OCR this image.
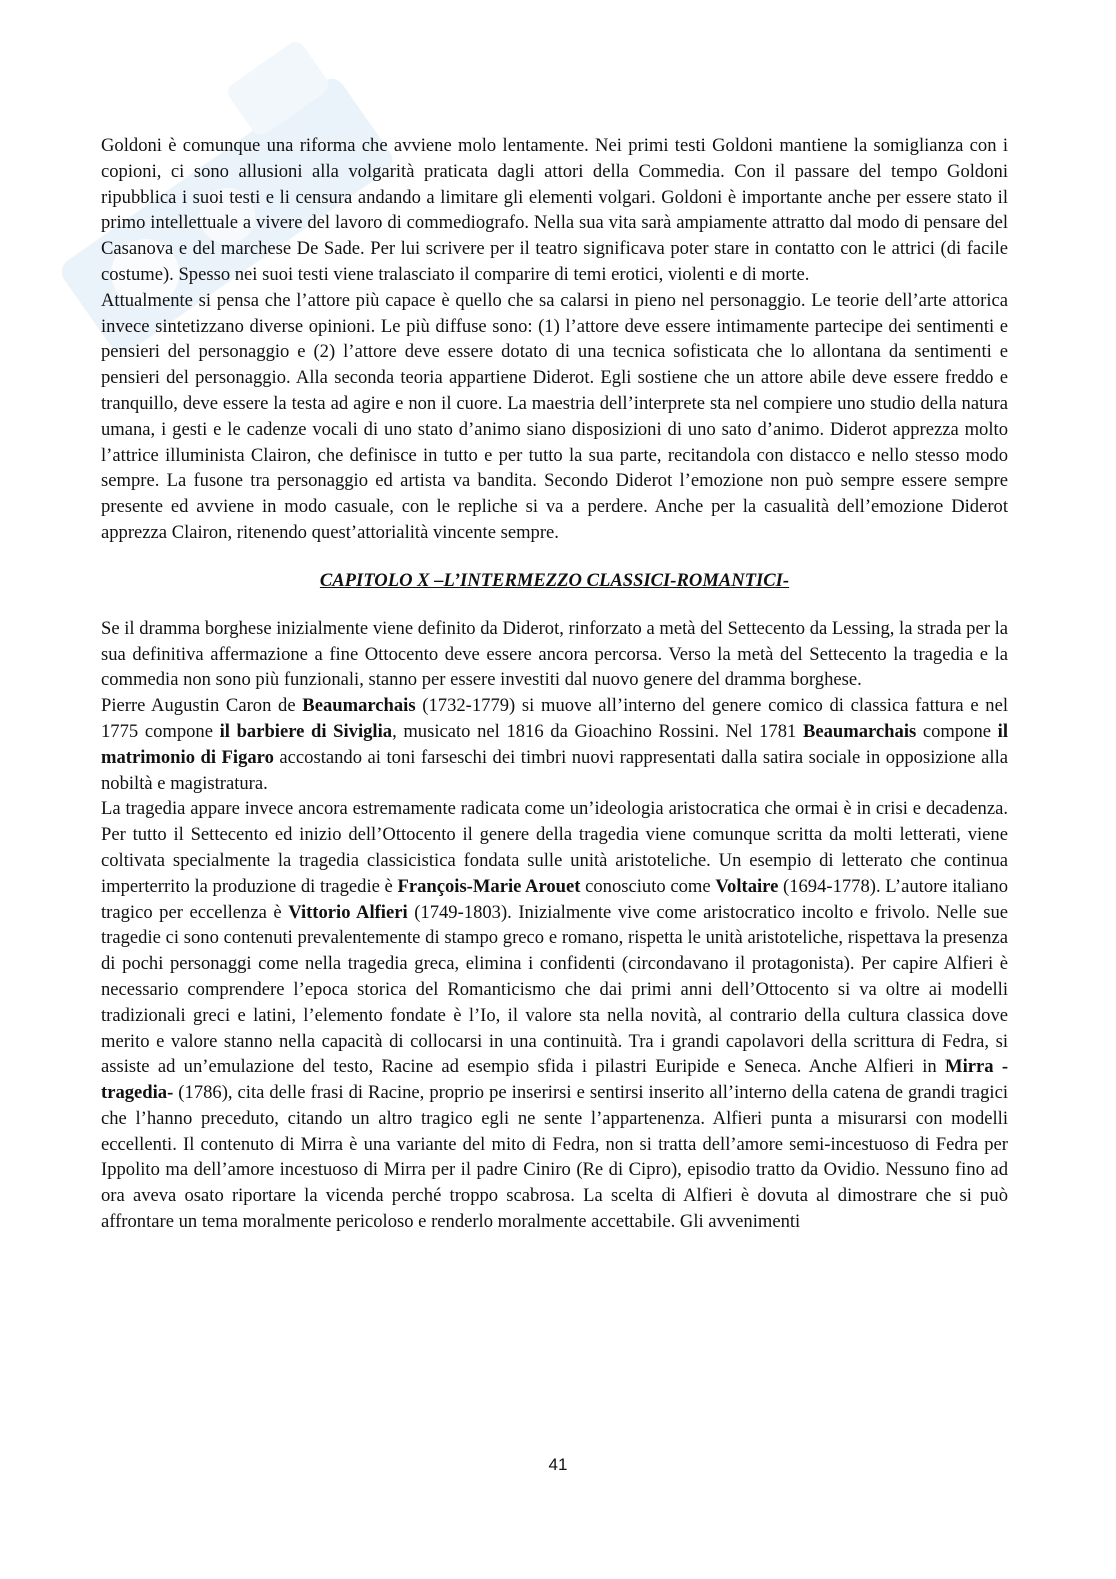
Goldoni è comunque una riforma che avviene molo lentamente. Nei primi testi Goldoni mantiene la somiglianza con i copioni, ci sono allusioni alla volgarità praticata dagli attori della Commedia. Con il passare del tempo Goldoni ripubblica i suoi testi e li censura andando a limitare gli elementi volgari. Goldoni è importante anche per essere stato il primo intellettuale a vivere del lavoro di commediografo. Nella sua vita sarà ampiamente attratto dal modo di pensare del Casanova e del marchese De Sade. Per lui scrivere per il teatro significava poter stare in contatto con le attrici (di facile costume). Spesso nei suoi testi viene tralasciato il comparire di temi erotici, violenti e di morte.

Attualmente si pensa che l’attore più capace è quello che sa calarsi in pieno nel personaggio. Le teorie dell’arte attorica invece sintetizzano diverse opinioni. Le più diffuse sono: (1) l’attore deve essere intimamente partecipe dei sentimenti e pensieri del personaggio e (2) l’attore deve essere dotato di una tecnica sofisticata che lo allontana da sentimenti e pensieri del personaggio. Alla seconda teoria appartiene Diderot. Egli sostiene che un attore abile deve essere freddo e tranquillo, deve essere la testa ad agire e non il cuore. La maestria dell’interprete sta nel compiere uno studio della natura umana, i gesti e le cadenze vocali di uno stato d’animo siano disposizioni di uno sato d’animo. Diderot apprezza molto l’attrice illuminista Clairon, che definisce in tutto e per tutto la sua parte, recitandola con distacco e nello stesso modo sempre. La fusone tra personaggio ed artista va bandita. Secondo Diderot l’emozione non può sempre essere sempre presente ed avviene in modo casuale, con le repliche si va a perdere. Anche per la casualità dell’emozione Diderot apprezza Clairon, ritenendo quest’attorialità vincente sempre.

CAPITOLO X –L’INTERMEZZO CLASSICI-ROMANTICI-

Se il dramma borghese inizialmente viene definito da Diderot, rinforzato a metà del Settecento da Lessing, la strada per la sua definitiva affermazione a fine Ottocento deve essere ancora percorsa. Verso la metà del Settecento la tragedia e la commedia non sono più funzionali, stanno per essere investiti dal nuovo genere del dramma borghese.

Pierre Augustin Caron de Beaumarchais (1732-1779) si muove all’interno del genere comico di classica fattura e nel 1775 compone il barbiere di Siviglia, musicato nel 1816 da Gioachino Rossini. Nel 1781 Beaumarchais compone il matrimonio di Figaro accostando ai toni farseschi dei timbri nuovi rappresentati dalla satira sociale in opposizione alla nobiltà e magistratura.

La tragedia appare invece ancora estremamente radicata come un’ideologia aristocratica che ormai è in crisi e decadenza. Per tutto il Settecento ed inizio dell’Ottocento il genere della tragedia viene comunque scritta da molti letterati, viene coltivata specialmente la tragedia classicistica fondata sulle unità aristoteliche. Un esempio di letterato che continua imperterrito la produzione di tragedie è François-Marie Arouet conosciuto come Voltaire (1694-1778). L’autore italiano tragico per eccellenza è Vittorio Alfieri (1749-1803). Inizialmente vive come aristocratico incolto e frivolo. Nelle sue tragedie ci sono contenuti prevalentemente di stampo greco e romano, rispetta le unità aristoteliche, rispettava la presenza di pochi personaggi come nella tragedia greca, elimina i confidenti (circondavano il protagonista). Per capire Alfieri è necessario comprendere l’epoca storica del Romanticismo che dai primi anni dell’Ottocento si va oltre ai modelli tradizionali greci e latini, l’elemento fondate è l’Io, il valore sta nella novità, al contrario della cultura classica dove merito e valore stanno nella capacità di collocarsi in una continuità. Tra i grandi capolavori della scrittura di Fedra, si assiste ad un’emulazione del testo, Racine ad esempio sfida i pilastri Euripide e Seneca. Anche Alfieri in Mirra -tragedia- (1786), cita delle frasi di Racine, proprio pe inserirsi e sentirsi inserito all’interno della catena de grandi tragici che l’hanno preceduto, citando un altro tragico egli ne sente l’appartenenza. Alfieri punta a misurarsi con modelli eccellenti. Il contenuto di Mirra è una variante del mito di Fedra, non si tratta dell’amore semi-incestuoso di Fedra per Ippolito ma dell’amore incestuoso di Mirra per il padre Ciniro (Re di Cipro), episodio tratto da Ovidio. Nessuno fino ad ora aveva osato riportare la vicenda perché troppo scabrosa. La scelta di Alfieri è dovuta al dimostrare che si può affrontare un tema moralmente pericoloso e renderlo moralmente accettabile. Gli avvenimenti

41
